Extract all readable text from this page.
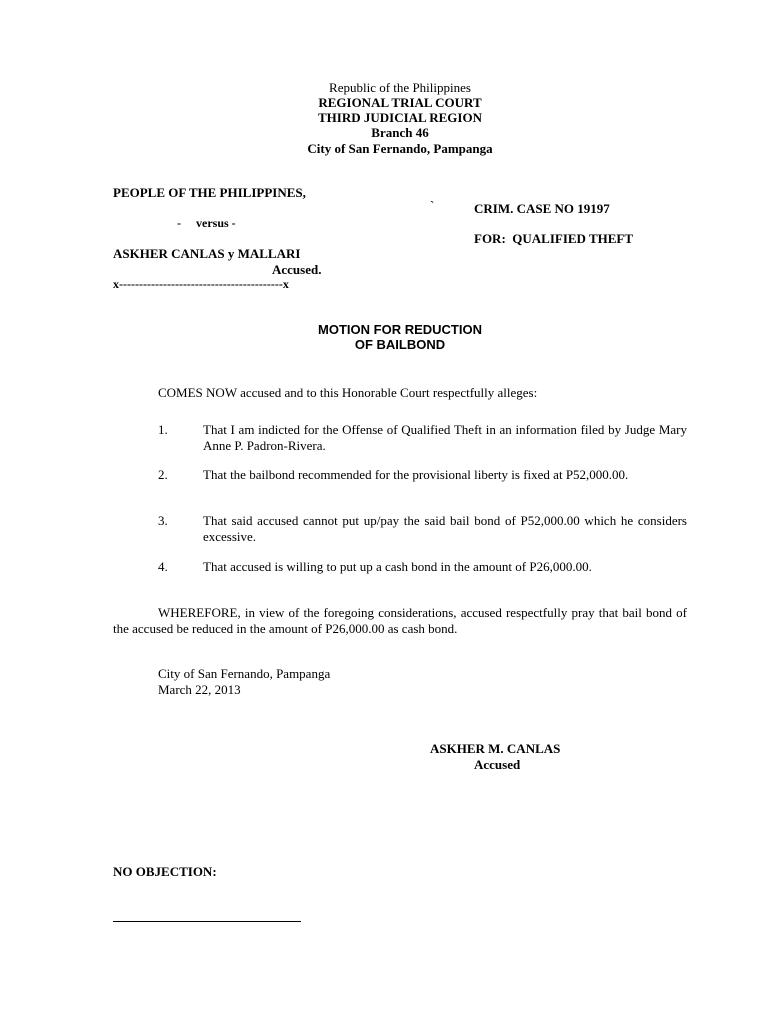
Republic of the Philippines
REGIONAL TRIAL COURT
THIRD JUDICIAL REGION
Branch 46
City of San Fernando, Pampanga
PEOPLE OF THE PHILIPPINES,
`	CRIM. CASE NO 19197
-     versus -
FOR:  QUALIFIED THEFT
ASKHER CANLAS y MALLARI
Accused.
x-----------------------------------------x
MOTION FOR REDUCTION
OF BAILBOND
COMES NOW accused and to this Honorable Court respectfully alleges:
1.	That I am indicted for the Offense of Qualified Theft in an information filed by Judge Mary Anne P. Padron-Rivera.
2.	That the bailbond recommended for the provisional liberty is fixed at P52,000.00.
3.	That said accused cannot put up/pay the said bail bond of P52,000.00 which he considers excessive.
4.	That accused is willing to put up a cash bond in the amount of P26,000.00.
WHEREFORE, in view of the foregoing considerations, accused respectfully pray that bail bond of the accused be reduced in the amount of P26,000.00 as cash bond.
City of San Fernando, Pampanga
March 22, 2013
ASKHER M. CANLAS
Accused
NO OBJECTION:
